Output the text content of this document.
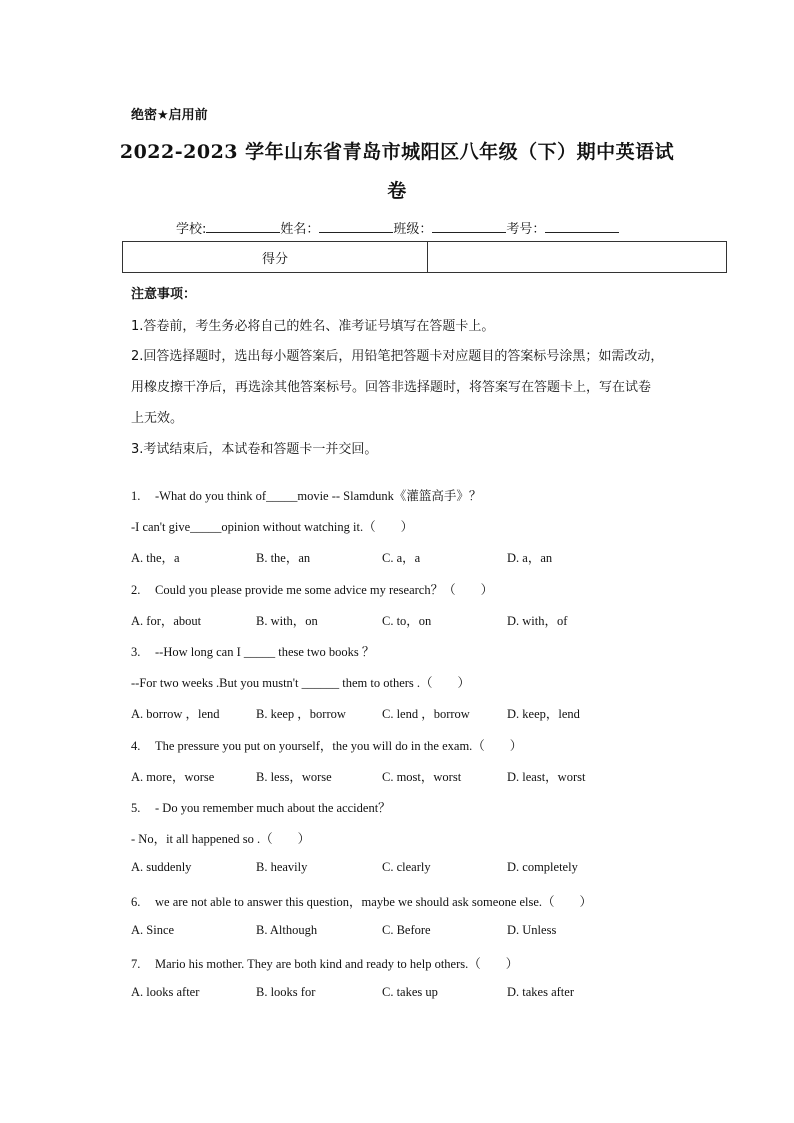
绝密★启用前
2022-2023 学年山东省青岛市城阳区八年级（下）期中英语试
卷
学校:	姓名：	班级：	考号：
得分	
注意事项：
1.答卷前，考生务必将自己的姓名、准考证号填写在答题卡上。
2.回答选择题时，选出每小题答案后，用铅笔把答题卡对应题目的答案标号涂黑；如需改动，
用橡皮擦干净后，再选涂其他答案标号。回答非选择题时，将答案写在答题卡上，写在试卷
上无效。
3.考试结束后，本试卷和答题卡一并交回。
1. -What do you think of_____movie -- Slamdunk《灌篮高手》？
-I can't give_____opinion without watching it.（　　）
A. the，a	B. the，an	C. a，a	D. a，an
2. Could you please provide me some advice my research？（　　）
A. for，about	B. with，on	C. to，on	D. with，of
3. --How long can I _____ these two books ？
--For two weeks .But you mustn't ______ them to others .（　　）
A. borrow ，lend	B. keep ，borrow	C. lend ，borrow	D. keep，lend
4. The pressure you put on yourself，the you will do in the exam.（　　）
A. more，worse	B. less，worse	C. most，worst	D. least，worst
5. - Do you remember much about the accident？
- No，it all happened so .（　　）
A. suddenly	B. heavily	C. clearly	D. completely
6. we are not able to answer this question，maybe we should ask someone else.（　　）
A. Since	B. Although	C. Before	D. Unless
7. Mario his mother. They are both kind and ready to help others.（　　）
A. looks after	B. looks for	C. takes up	D. takes after
